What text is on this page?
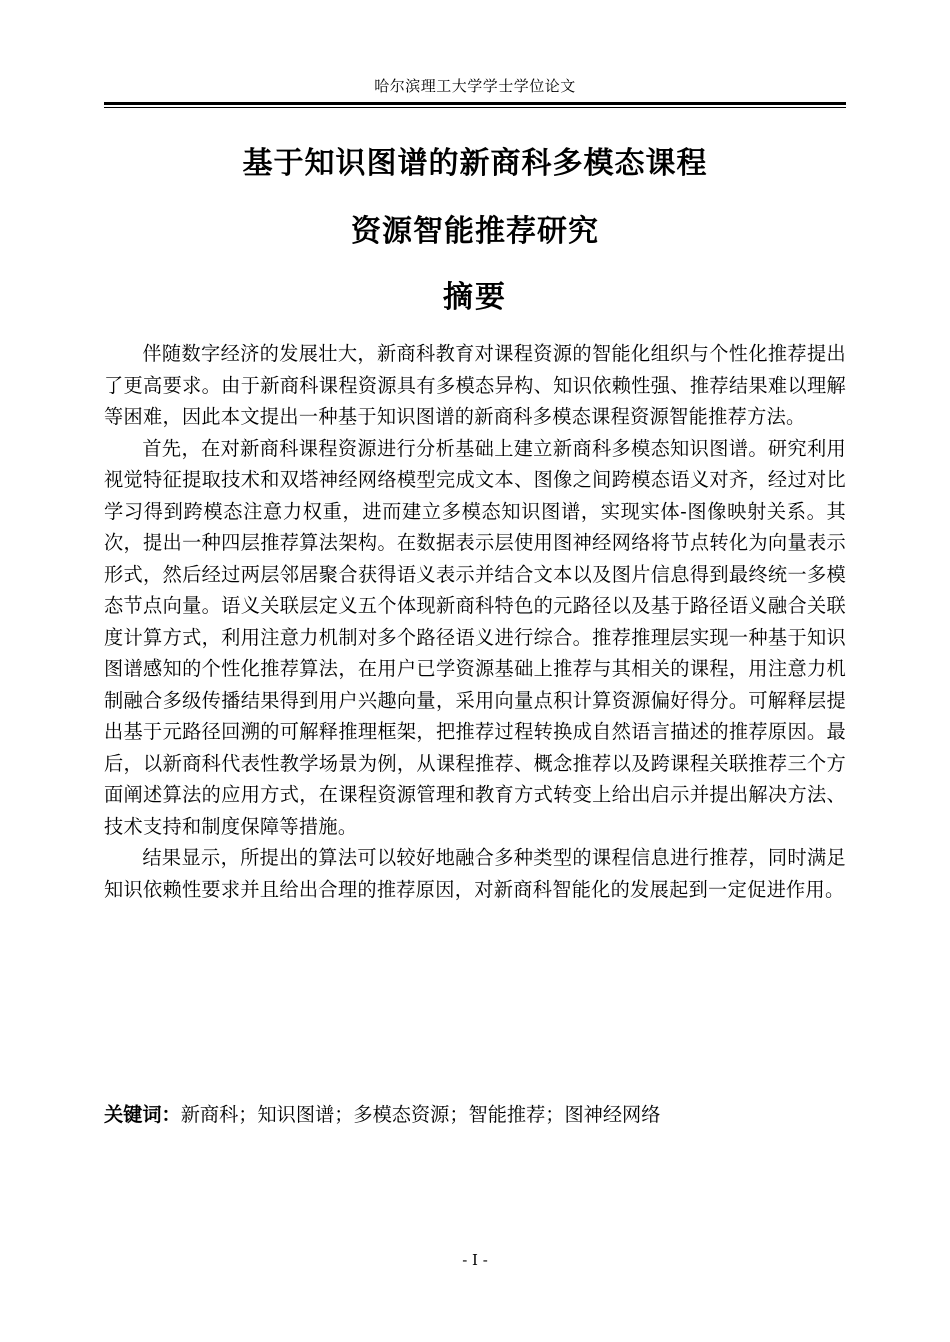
哈尔滨理工大学学士学位论文
基于知识图谱的新商科多模态课程
资源智能推荐研究
摘要

伴随数字经济的发展壮大，新商科教育对课程资源的智能化组织与个性化推荐提出了更高要求。由于新商科课程资源具有多模态异构、知识依赖性强、推荐结果难以理解等困难，因此本文提出一种基于知识图谱的新商科多模态课程资源智能推荐方法。

首先，在对新商科课程资源进行分析基础上建立新商科多模态知识图谱。研究利用视觉特征提取技术和双塔神经网络模型完成文本、图像之间跨模态语义对齐，经过对比学习得到跨模态注意力权重，进而建立多模态知识图谱，实现实体-图像映射关系。其次，提出一种四层推荐算法架构。在数据表示层使用图神经网络将节点转化为向量表示形式，然后经过两层邻居聚合获得语义表示并结合文本以及图片信息得到最终统一多模态节点向量。语义关联层定义五个体现新商科特色的元路径以及基于路径语义融合关联度计算方式，利用注意力机制对多个路径语义进行综合。推荐推理层实现一种基于知识图谱感知的个性化推荐算法，在用户已学资源基础上推荐与其相关的课程，用注意力机制融合多级传播结果得到用户兴趣向量，采用向量点积计算资源偏好得分。可解释层提出基于元路径回溯的可解释推理框架，把推荐过程转换成自然语言描述的推荐原因。最后，以新商科代表性教学场景为例，从课程推荐、概念推荐以及跨课程关联推荐三个方面阐述算法的应用方式，在课程资源管理和教育方式转变上给出启示并提出解决方法、技术支持和制度保障等措施。

结果显示，所提出的算法可以较好地融合多种类型的课程信息进行推荐，同时满足知识依赖性要求并且给出合理的推荐原因，对新商科智能化的发展起到一定促进作用。

关键词：新商科；知识图谱；多模态资源；智能推荐；图神经网络
- I -
